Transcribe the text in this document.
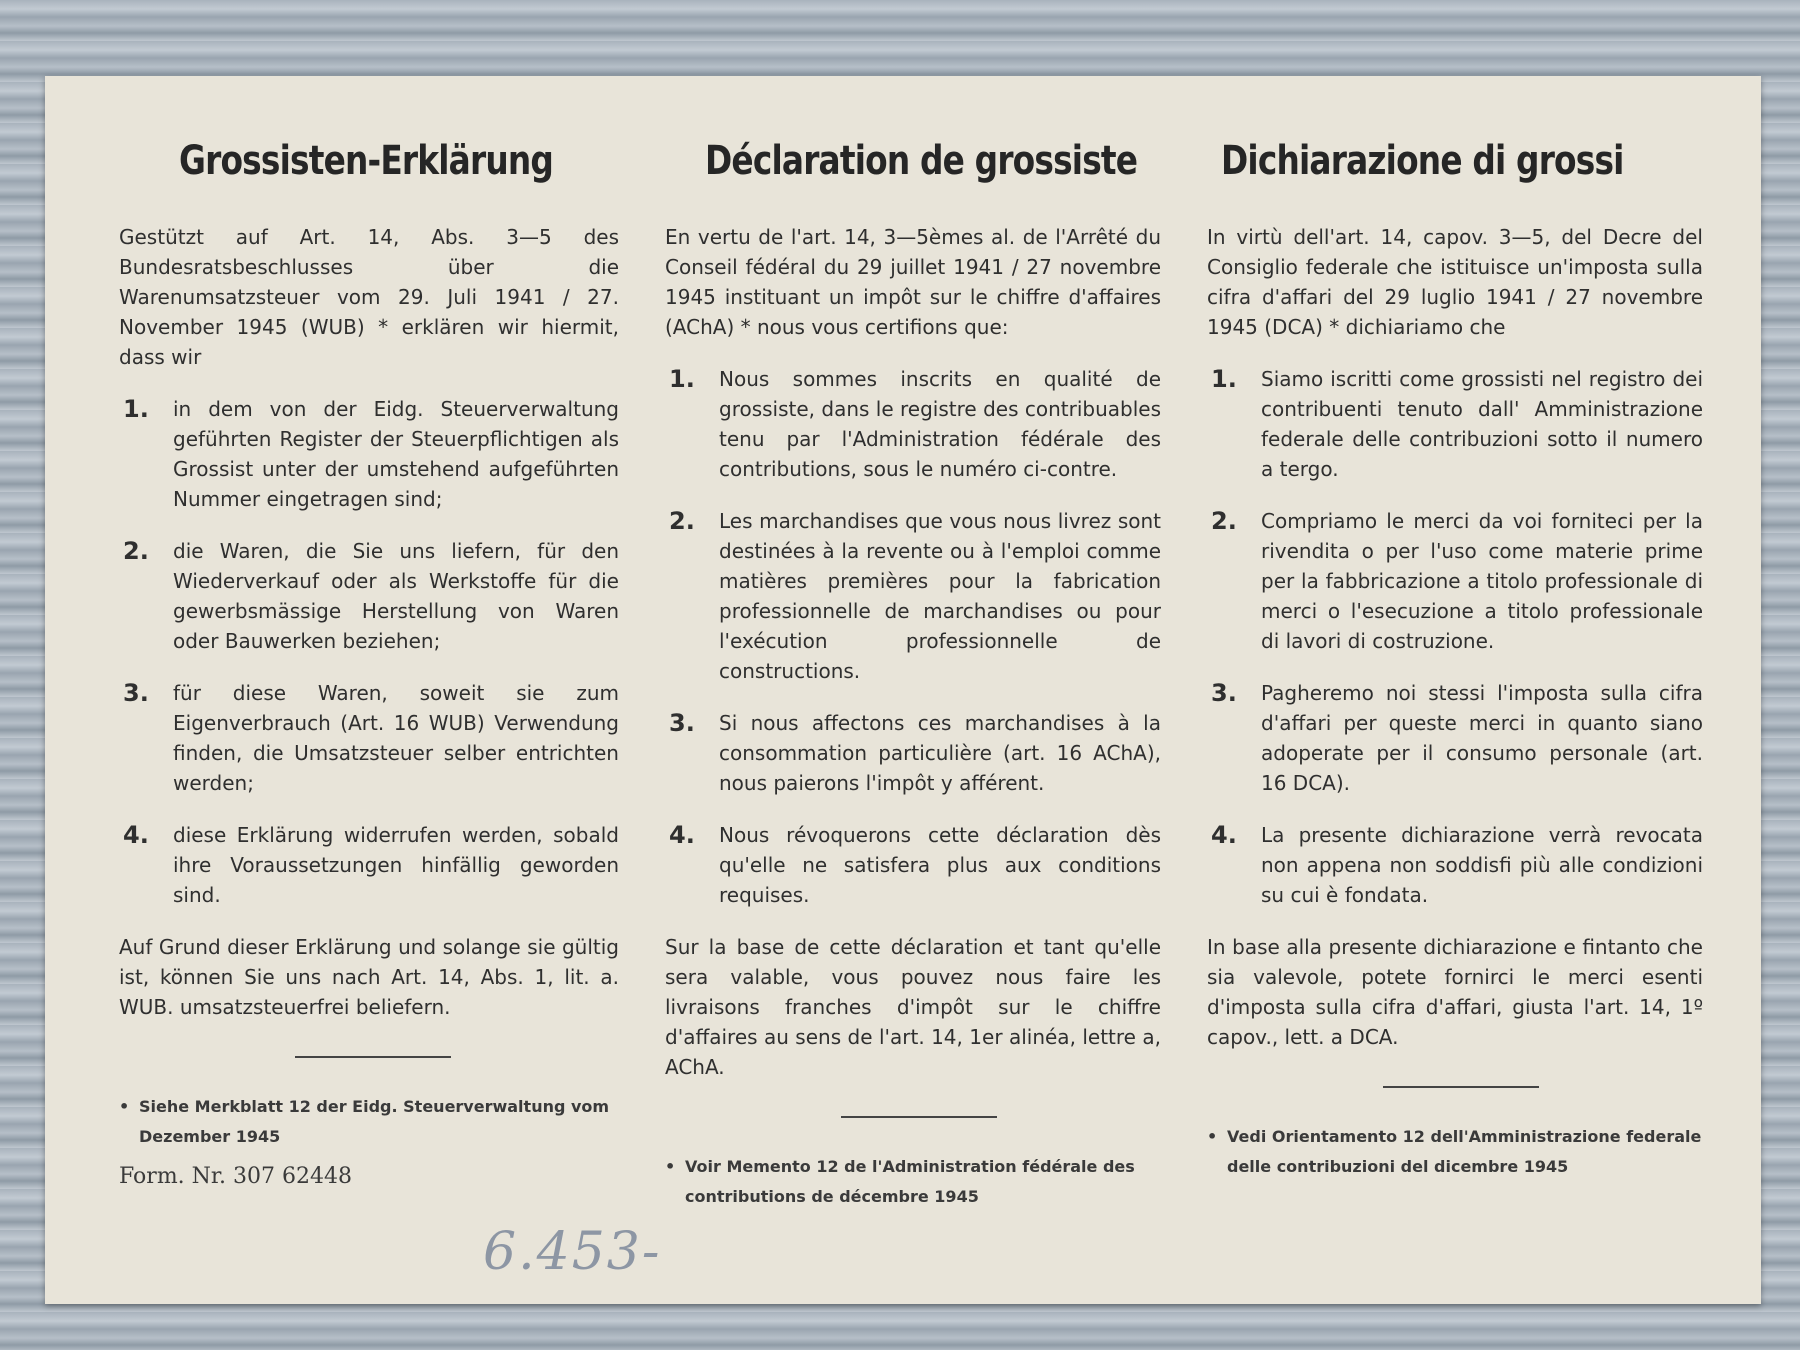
Grossisten-Erklärung

Gestützt auf Art. 14, Abs. 3—5 des Bundesratsbeschlusses über die Warenumsatzsteuer vom 29. Juli 1941 / 27. November 1945 (WUB) * erklären wir hiermit, dass wir

1. in dem von der Eidg. Steuerverwaltung geführten Register der Steuerpflichtigen als Grossist unter der umstehend aufgeführten Nummer eingetragen sind;
2. die Waren, die Sie uns liefern, für den Wiederverkauf oder als Werkstoffe für die gewerbsmässige Herstellung von Waren oder Bauwerken beziehen;
3. für diese Waren, soweit sie zum Eigenverbrauch (Art. 16 WUB) Verwendung finden, die Umsatzsteuer selber entrichten werden;
4. diese Erklärung widerrufen werden, sobald ihre Voraussetzungen hinfällig geworden sind.

Auf Grund dieser Erklärung und solange sie gültig ist, können Sie uns nach Art. 14, Abs. 1, lit. a. WUB. umsatzsteuerfrei beliefern.

• Siehe Merkblatt 12 der Eidg. Steuerverwaltung vom Dezember 1945
Déclaration de grossiste

En vertu de l'art. 14, 3—5èmes al. de l'Arrêté du Conseil fédéral du 29 juillet 1941 / 27 novembre 1945 instituant un impôt sur le chiffre d'affaires (AChA) * nous vous certifions que:

1. Nous sommes inscrits en qualité de grossiste, dans le registre des contribuables tenu par l'Administration fédérale des contributions, sous le numéro ci-contre.
2. Les marchandises que vous nous livrez sont destinées à la revente ou à l'emploi comme matières premières pour la fabrication professionnelle de marchandises ou pour l'exécution professionnelle de constructions.
3. Si nous affectons ces marchandises à la consommation particulière (art. 16 AChA), nous paierons l'impôt y afférent.
4. Nous révoquerons cette déclaration dès qu'elle ne satisfera plus aux conditions requises.

Sur la base de cette déclaration et tant qu'elle sera valable, vous pouvez nous faire les livraisons franches d'impôt sur le chiffre d'affaires au sens de l'art. 14, 1er alinéa, lettre a, AChA.

• Voir Memento 12 de l'Administration fédérale des contributions de décembre 1945
Dichiarazione di grossi

In virtù dell'art. 14, capov. 3—5, del Decre del Consiglio federale che istituisce un'imposta sulla cifra d'affari del 29 luglio 1941 / 27 novembre 1945 (DCA) * dichiariamo che

1. Siamo iscritti come grossisti nel registro dei contribuenti tenuto dall' Amministrazione federale delle contribuzioni sotto il numero a tergo.
2. Compriamo le merci da voi forniteci per la rivendita o per l'uso come materie prime per la fabbricazione a titolo professionale di merci o l'esecuzione a titolo professionale di lavori di costruzione.
3. Pagheremo noi stessi l'imposta sulla cifra d'affari per queste merci in quanto siano adoperate per il consumo personale (art. 16 DCA).
4. La presente dichiarazione verrà revocata non appena non soddisfi più alle condizioni su cui è fondata.

In base alla presente dichiarazione e fintanto che sia valevole, potete fornirci le merci esenti d'imposta sulla cifra d'affari, giusta l'art. 14, 1º capov., lett. a DCA.

• Vedi Orientamento 12 dell'Amministrazione federale delle contribuzioni del dicembre 1945
Form. Nr. 307 62448
6.453-
